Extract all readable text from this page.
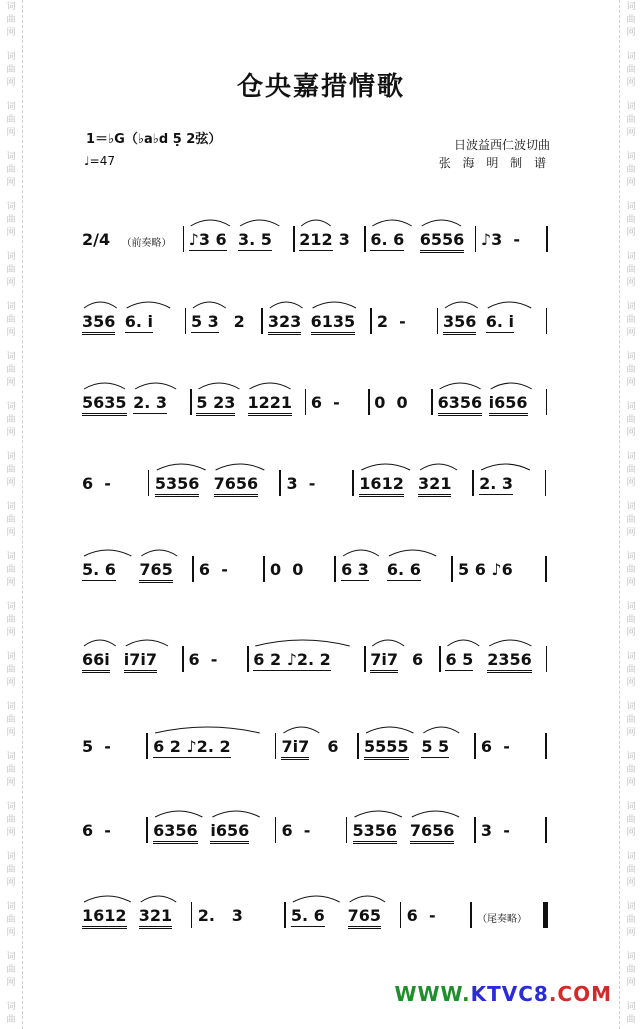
词
曲
网
词
曲
网
词
曲
网
词
曲
网
词
曲
网
词
曲
网
词
曲
网
词
曲
网
词
曲
网
词
曲
网
词
曲
网
词
曲
网
词
曲
网
词
曲
网
词
曲
网
词
曲
网
词
曲
网
词
曲
网
词
曲
网
词
曲
网
词
曲
词
曲
网
词
曲
网
词
曲
网
词
曲
网
词
曲
网
词
曲
网
词
曲
网
词
曲
网
词
曲
网
词
曲
网
词
曲
网
词
曲
网
词
曲
网
词
曲
网
词
曲
网
词
曲
网
词
曲
网
词
曲
网
词
曲
网
词
曲
网
词
曲
仓央嘉措情歌
1＝♭G（♭a♭d 5̣ 2弦）
♩=47
日波益西仁波切曲
张 海 明 制 谱
2/4 （前奏略） ♪3 6 3. 5 212 3 6. 6 6556 ♪3  -
356 6. i 5 3 2 323 6135 2  - 356 6. i
5635 2. 3 5 23 1221 6  - 0  0 6356 i656
6  -	5356 7656 3  -	1612 321 2. 3
5. 6 765 6  -	0  0 6 3 6. 6 5 6 ♪6
66i i7i7 6  - 6 2 ♪2. 2 7i7 6 6 5 2356
5  -	6 2 ♪2. 2	7i7 6 5555 5 5 6  -
6  -	6356 i656 6  -	5356 7656 3  -
1612 321 2.   3	5. 6 765 6  -	（尾奏略）
WWW.KTVC8.COM
